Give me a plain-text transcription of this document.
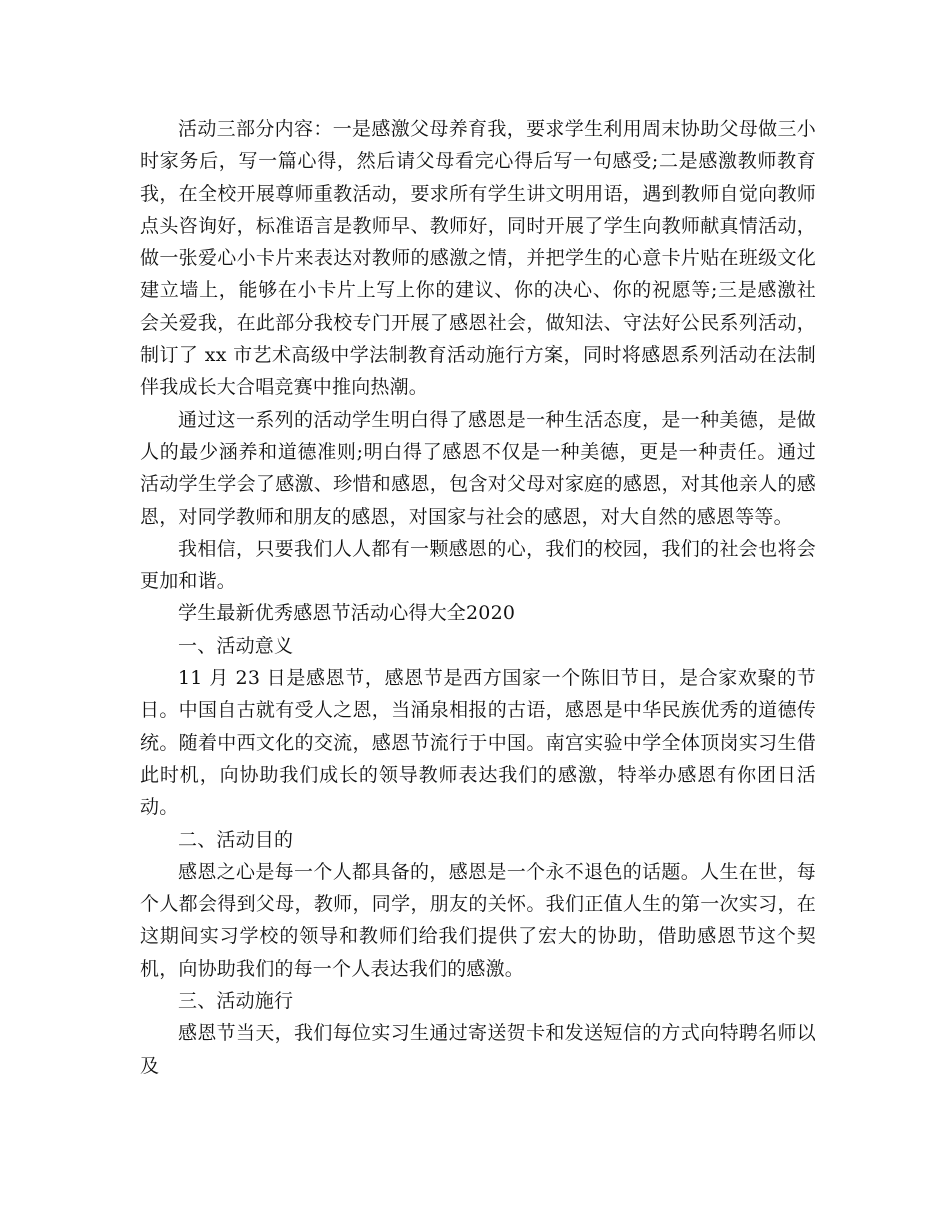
活动三部分内容：一是感激父母养育我，要求学生利用周末协助父母做三小时家务后，写一篇心得，然后请父母看完心得后写一句感受;二是感激教师教育我，在全校开展尊师重教活动，要求所有学生讲文明用语，遇到教师自觉向教师点头咨询好，标准语言是教师早、教师好，同时开展了学生向教师献真情活动，做一张爱心小卡片来表达对教师的感激之情，并把学生的心意卡片贴在班级文化建立墙上，能够在小卡片上写上你的建议、你的决心、你的祝愿等;三是感激社会关爱我，在此部分我校专门开展了感恩社会，做知法、守法好公民系列活动，制订了 xx 市艺术高级中学法制教育活动施行方案，同时将感恩系列活动在法制伴我成长大合唱竞赛中推向热潮。

通过这一系列的活动学生明白得了感恩是一种生活态度，是一种美德，是做人的最少涵养和道德准则;明白得了感恩不仅是一种美德，更是一种责任。通过活动学生学会了感激、珍惜和感恩，包含对父母对家庭的感恩，对其他亲人的感恩，对同学教师和朋友的感恩，对国家与社会的感恩，对大自然的感恩等等。

我相信，只要我们人人都有一颗感恩的心，我们的校园，我们的社会也将会更加和谐。

学生最新优秀感恩节活动心得大全2020

一、活动意义

11 月 23 日是感恩节，感恩节是西方国家一个陈旧节日，是合家欢聚的节日。中国自古就有受人之恩，当涌泉相报的古语，感恩是中华民族优秀的道德传统。随着中西文化的交流，感恩节流行于中国。南宫实验中学全体顶岗实习生借此时机，向协助我们成长的领导教师表达我们的感激，特举办感恩有你团日活动。

二、活动目的

感恩之心是每一个人都具备的，感恩是一个永不退色的话题。人生在世，每个人都会得到父母，教师，同学，朋友的关怀。我们正值人生的第一次实习，在这期间实习学校的领导和教师们给我们提供了宏大的协助，借助感恩节这个契机，向协助我们的每一个人表达我们的感激。

三、活动施行

感恩节当天，我们每位实习生通过寄送贺卡和发送短信的方式向特聘名师以及
